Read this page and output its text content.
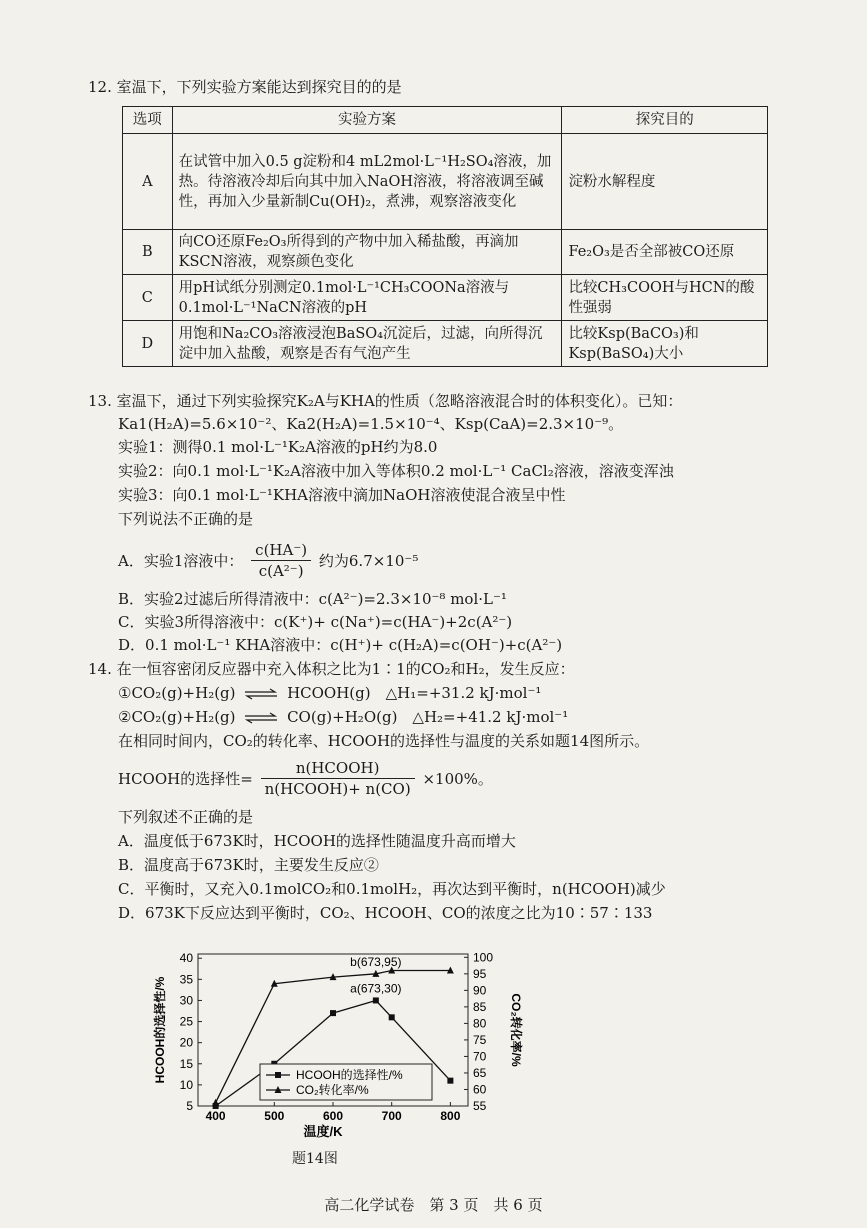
12. 室温下，下列实验方案能达到探究目的的是
选项	实验方案	探究目的
A	在试管中加入0.5 g淀粉和4 mL2mol·L⁻¹H₂SO₄溶液，加热。待溶液冷却后向其中加入NaOH溶液，将溶液调至碱性，再加入少量新制Cu(OH)₂，煮沸，观察溶液变化	淀粉水解程度
B	向CO还原Fe₂O₃所得到的产物中加入稀盐酸，再滴加KSCN溶液，观察颜色变化	Fe₂O₃是否全部被CO还原
C	用pH试纸分别测定0.1mol·L⁻¹CH₃COONa溶液与0.1mol·L⁻¹NaCN溶液的pH	比较CH₃COOH与HCN的酸性强弱
D	用饱和Na₂CO₃溶液浸泡BaSO₄沉淀后，过滤，向所得沉淀中加入盐酸，观察是否有气泡产生	比较Ksp(BaCO₃)和Ksp(BaSO₄)大小
13. 室温下，通过下列实验探究K₂A与KHA的性质（忽略溶液混合时的体积变化）。已知：
Ka1(H₂A)=5.6×10⁻²、Ka2(H₂A)=1.5×10⁻⁴、Ksp(CaA)=2.3×10⁻⁹。
实验1：测得0.1 mol·L⁻¹K₂A溶液的pH约为8.0
实验2：向0.1 mol·L⁻¹K₂A溶液中加入等体积0.2 mol·L⁻¹ CaCl₂溶液，溶液变浑浊
实验3：向0.1 mol·L⁻¹KHA溶液中滴加NaOH溶液使混合液呈中性
下列说法不正确的是
A．实验1溶液中： $\frac{c(HA^-)}{\text{c(A²⁻)}}$ 约为6.7×10⁻⁵
B．实验2过滤后所得清液中：c(A²⁻)=2.3×10⁻⁸ mol·L⁻¹
C．实验3所得溶液中：c(K⁺)+ c(Na⁺)=c(HA⁻)+2c(A²⁻)
D．0.1 mol·L⁻¹ KHA溶液中：c(H⁺)+ c(H₂A)=c(OH⁻)+c(A²⁻)
14. 在一恒容密闭反应器中充入体积之比为1∶1的CO₂和H₂，发生反应：
①CO₂(g)+H₂(g) ⇌ HCOOH(g)　△H₁=+31.2 kJ·mol⁻¹
②CO₂(g)+H₂(g) ⇌ CO(g)+H₂O(g)　△H₂=+41.2 kJ·mol⁻¹
在相同时间内，CO₂的转化率、HCOOH的选择性与温度的关系如题14图所示。
HCOOH的选择性= $\frac{\text{n(HCOOH)}}{\text{n(HCOOH)+ n(CO)}} \times 100\%$。
下列叙述不正确的是
A．温度低于673K时，HCOOH的选择性随温度升高而增大
B．温度高于673K时，主要发生反应②
C．平衡时，又充入0.1molCO₂和0.1molH₂，再次达到平衡时，n(HCOOH)减少
D．673K下反应达到平衡时，CO₂、HCOOH、CO的浓度之比为10∶57∶133
400	500	600	700	800
5
10
15
20
25
30
35
40
55
60
65
70
75
80
85
90
95
100
温度/K
HCOOH的选择性/%	CO₂转化率/%
a(673,30)
b(673,95)
HCOOH的选择性/%
CO₂转化率/%
题14图
高二化学试卷　第 3 页　共 6 页
